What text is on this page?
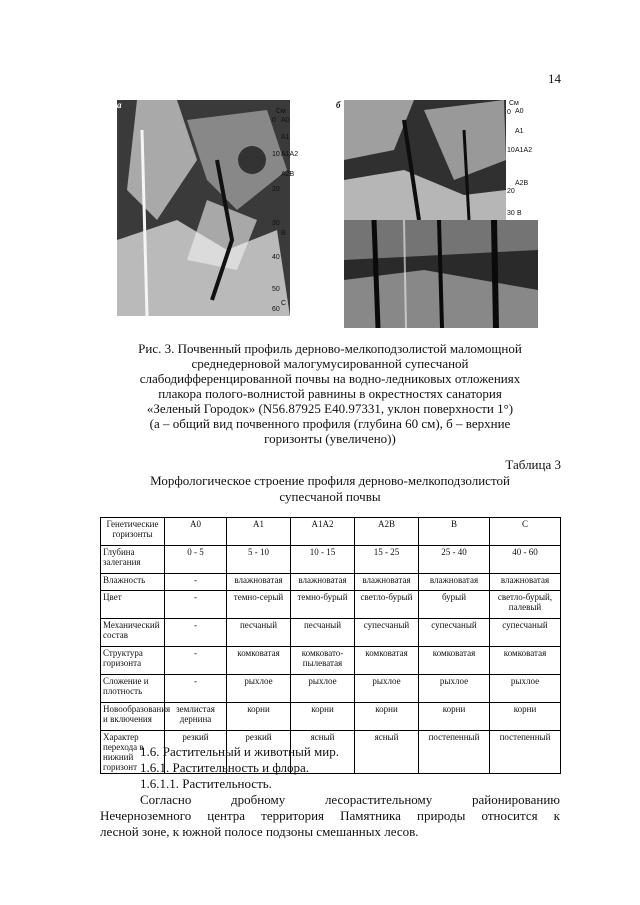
14
а
См
0 А0
А1
10 А1А2
А2В
20
30
В
40
50
С
60
б	См
0 А0
А1
10 А1А2
А2В
20
30 В
Рис. 3. Почвенный профиль дерново-мелкоподзолистой маломощной
среднедерновой малогумусированной супесчаной
слабодифференцированной почвы на водно-ледниковых отложениях
плакора полого-волнистой равнины в окрестностях санатория
«Зеленый Городок» (N56.87925 E40.97331, уклон поверхности 1°)
(а – общий вид почвенного профиля (глубина 60 см), б – верхние
горизонты (увеличено))
Таблица 3
Морфологическое строение профиля дерново-мелкоподзолистой
супесчаной почвы
Генетические горизонты	А0	А1	А1А2	А2В	В	С
Глубина залегания	0 - 5	5 - 10	10 - 15	15 - 25	25 - 40	40 - 60
Влажность	-	влажноватая	влажноватая	влажноватая	влажноватая	влажноватая
Цвет	-	темно-серый	темно-бурый	светло-бурый	бурый	светло-бурый, палевый
Механический состав	-	песчаный	песчаный	супесчаный	супесчаный	супесчаный
Структура горизонта	-	комковатая	комковато-пылеватая	комковатая	комковатая	комковатая
Сложение и плотность	-	рыхлое	рыхлое	рыхлое	рыхлое	рыхлое
Новообразования и включения	землистая дернина	корни	корни	корни	корни	корни
Характер перехода в нижний горизонт	резкий	резкий	ясный	ясный	постепенный	постепенный
1.6. Растительный и животный мир.
1.6.1. Растительность и флора.
1.6.1.1. Растительность.
Согласно дробному лесорастительному районированию
Нечерноземного центра территория Памятника природы относится к
лесной зоне, к южной полосе подзоны смешанных лесов.
